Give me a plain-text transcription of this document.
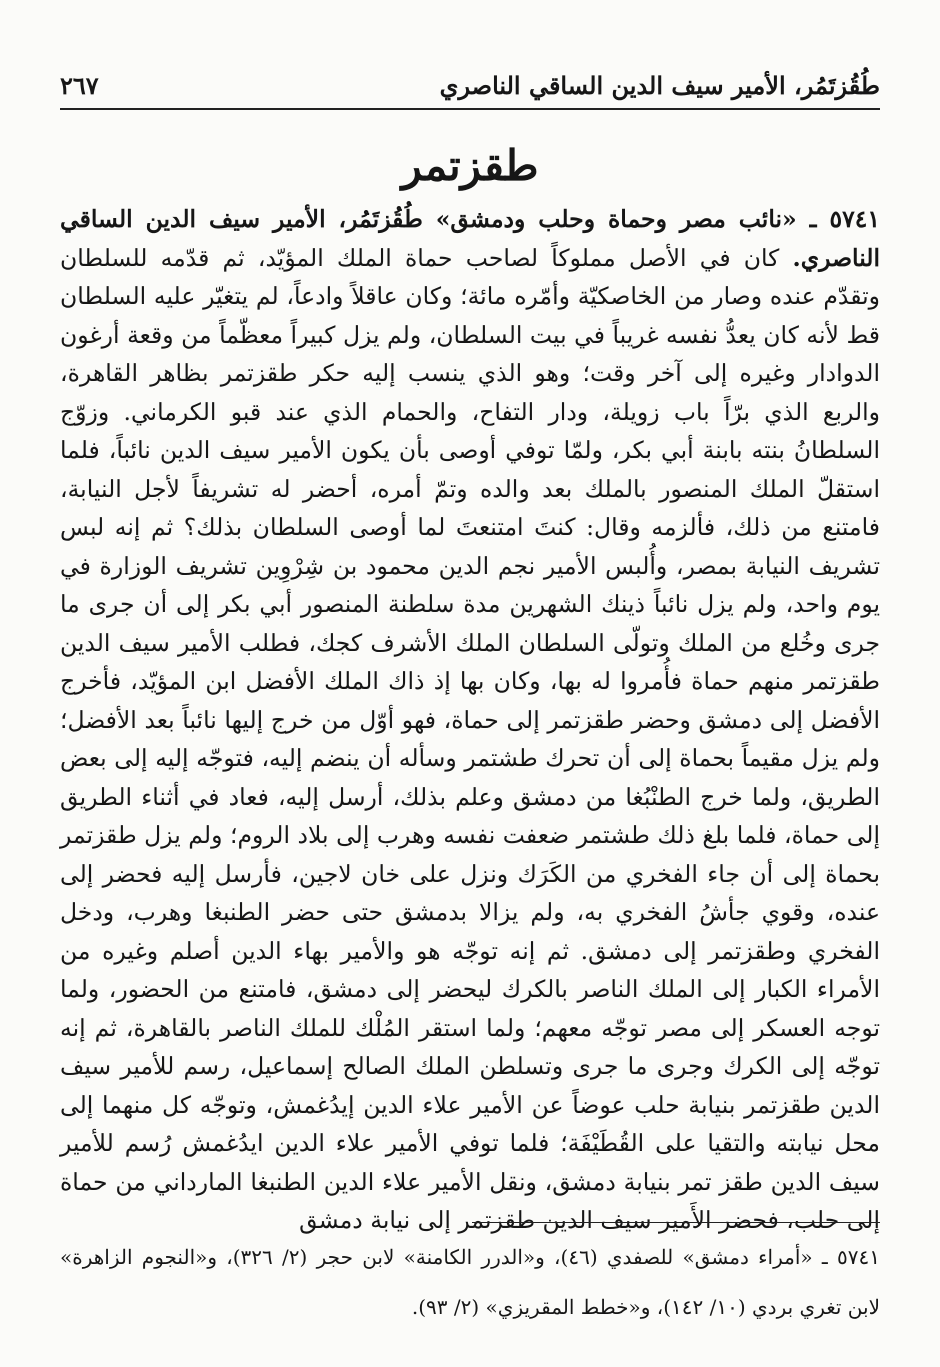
طُقُزتَمُر، الأمير سيف الدين الساقي الناصري
٢٦٧
طقزتمر

٥٧٤١ ـ «نائب مصر وحماة وحلب ودمشق» طُقُزتَمُر، الأمير سيف الدين الساقي الناصري. كان في الأصل مملوكاً لصاحب حماة الملك المؤيّد، ثم قدّمه للسلطان وتقدّم عنده وصار من الخاصكيّة وأمّره مائة؛ وكان عاقلاً وادعاً، لم يتغيّر عليه السلطان قط لأنه كان يعدُّ نفسه غريباً في بيت السلطان، ولم يزل كبيراً معظّماً من وقعة أرغون الدوادار وغيره إلى آخر وقت؛ وهو الذي ينسب إليه حكر طقزتمر بظاهر القاهرة، والربع الذي برّاً باب زويلة، ودار التفاح، والحمام الذي عند قبو الكرماني. وزوّج السلطانُ بنته بابنة أبي بكر، ولمّا توفي أوصى بأن يكون الأمير سيف الدين نائباً، فلما استقلّ الملك المنصور بالملك بعد والده وتمّ أمره، أحضر له تشريفاً لأجل النيابة، فامتنع من ذلك، فألزمه وقال: كنتَ امتنعتَ لما أوصى السلطان بذلك؟ ثم إنه لبس تشريف النيابة بمصر، وأُلبس الأمير نجم الدين محمود بن شِرْوِين تشريف الوزارة في يوم واحد، ولم يزل نائباً ذينك الشهرين مدة سلطنة المنصور أبي بكر إلى أن جرى ما جرى وخُلع من الملك وتولّى السلطان الملك الأشرف كجك، فطلب الأمير سيف الدين طقزتمر منهم حماة فأُمروا له بها، وكان بها إذ ذاك الملك الأفضل ابن المؤيّد، فأخرج الأفضل إلى دمشق وحضر طقزتمر إلى حماة، فهو أوّل من خرج إليها نائباً بعد الأفضل؛ ولم يزل مقيماً بحماة إلى أن تحرك طشتمر وسأله أن ينضم إليه، فتوجّه إليه إلى بعض الطريق، ولما خرج الطنْبُغا من دمشق وعلم بذلك، أرسل إليه، فعاد في أثناء الطريق إلى حماة، فلما بلغ ذلك طشتمر ضعفت نفسه وهرب إلى بلاد الروم؛ ولم يزل طقزتمر بحماة إلى أن جاء الفخري من الكَرَك ونزل على خان لاجين، فأرسل إليه فحضر إلى عنده، وقوي جأشُ الفخري به، ولم يزالا بدمشق حتى حضر الطنبغا وهرب، ودخل الفخري وطقزتمر إلى دمشق. ثم إنه توجّه هو والأمير بهاء الدين أصلم وغيره من الأمراء الكبار إلى الملك الناصر بالكرك ليحضر إلى دمشق، فامتنع من الحضور، ولما توجه العسكر إلى مصر توجّه معهم؛ ولما استقر المُلْك للملك الناصر بالقاهرة، ثم إنه توجّه إلى الكرك وجرى ما جرى وتسلطن الملك الصالح إسماعيل، رسم للأمير سيف الدين طقزتمر بنيابة حلب عوضاً عن الأمير علاء الدين إيدُغمش، وتوجّه كل منهما إلى محل نيابته والتقيا على القُطَيْفَة؛ فلما توفي الأمير علاء الدين ايدُغمش رُسم للأمير سيف الدين طقز تمر بنيابة دمشق، ونقل الأمير علاء الدين الطنبغا المارداني من حماة إلى حلب، فحضر الأَمير سيف الدين طقزتمر إلى نيابة دمشق

٥٧٤١ ـ «أمراء دمشق» للصفدي (٤٦)، و«الدرر الكامنة» لابن حجر (٢/ ٣٢٦)، و«النجوم الزاهرة» لابن تغري بردي (١٠/ ١٤٢)، و«خطط المقريزي» (٢/ ٩٣).
